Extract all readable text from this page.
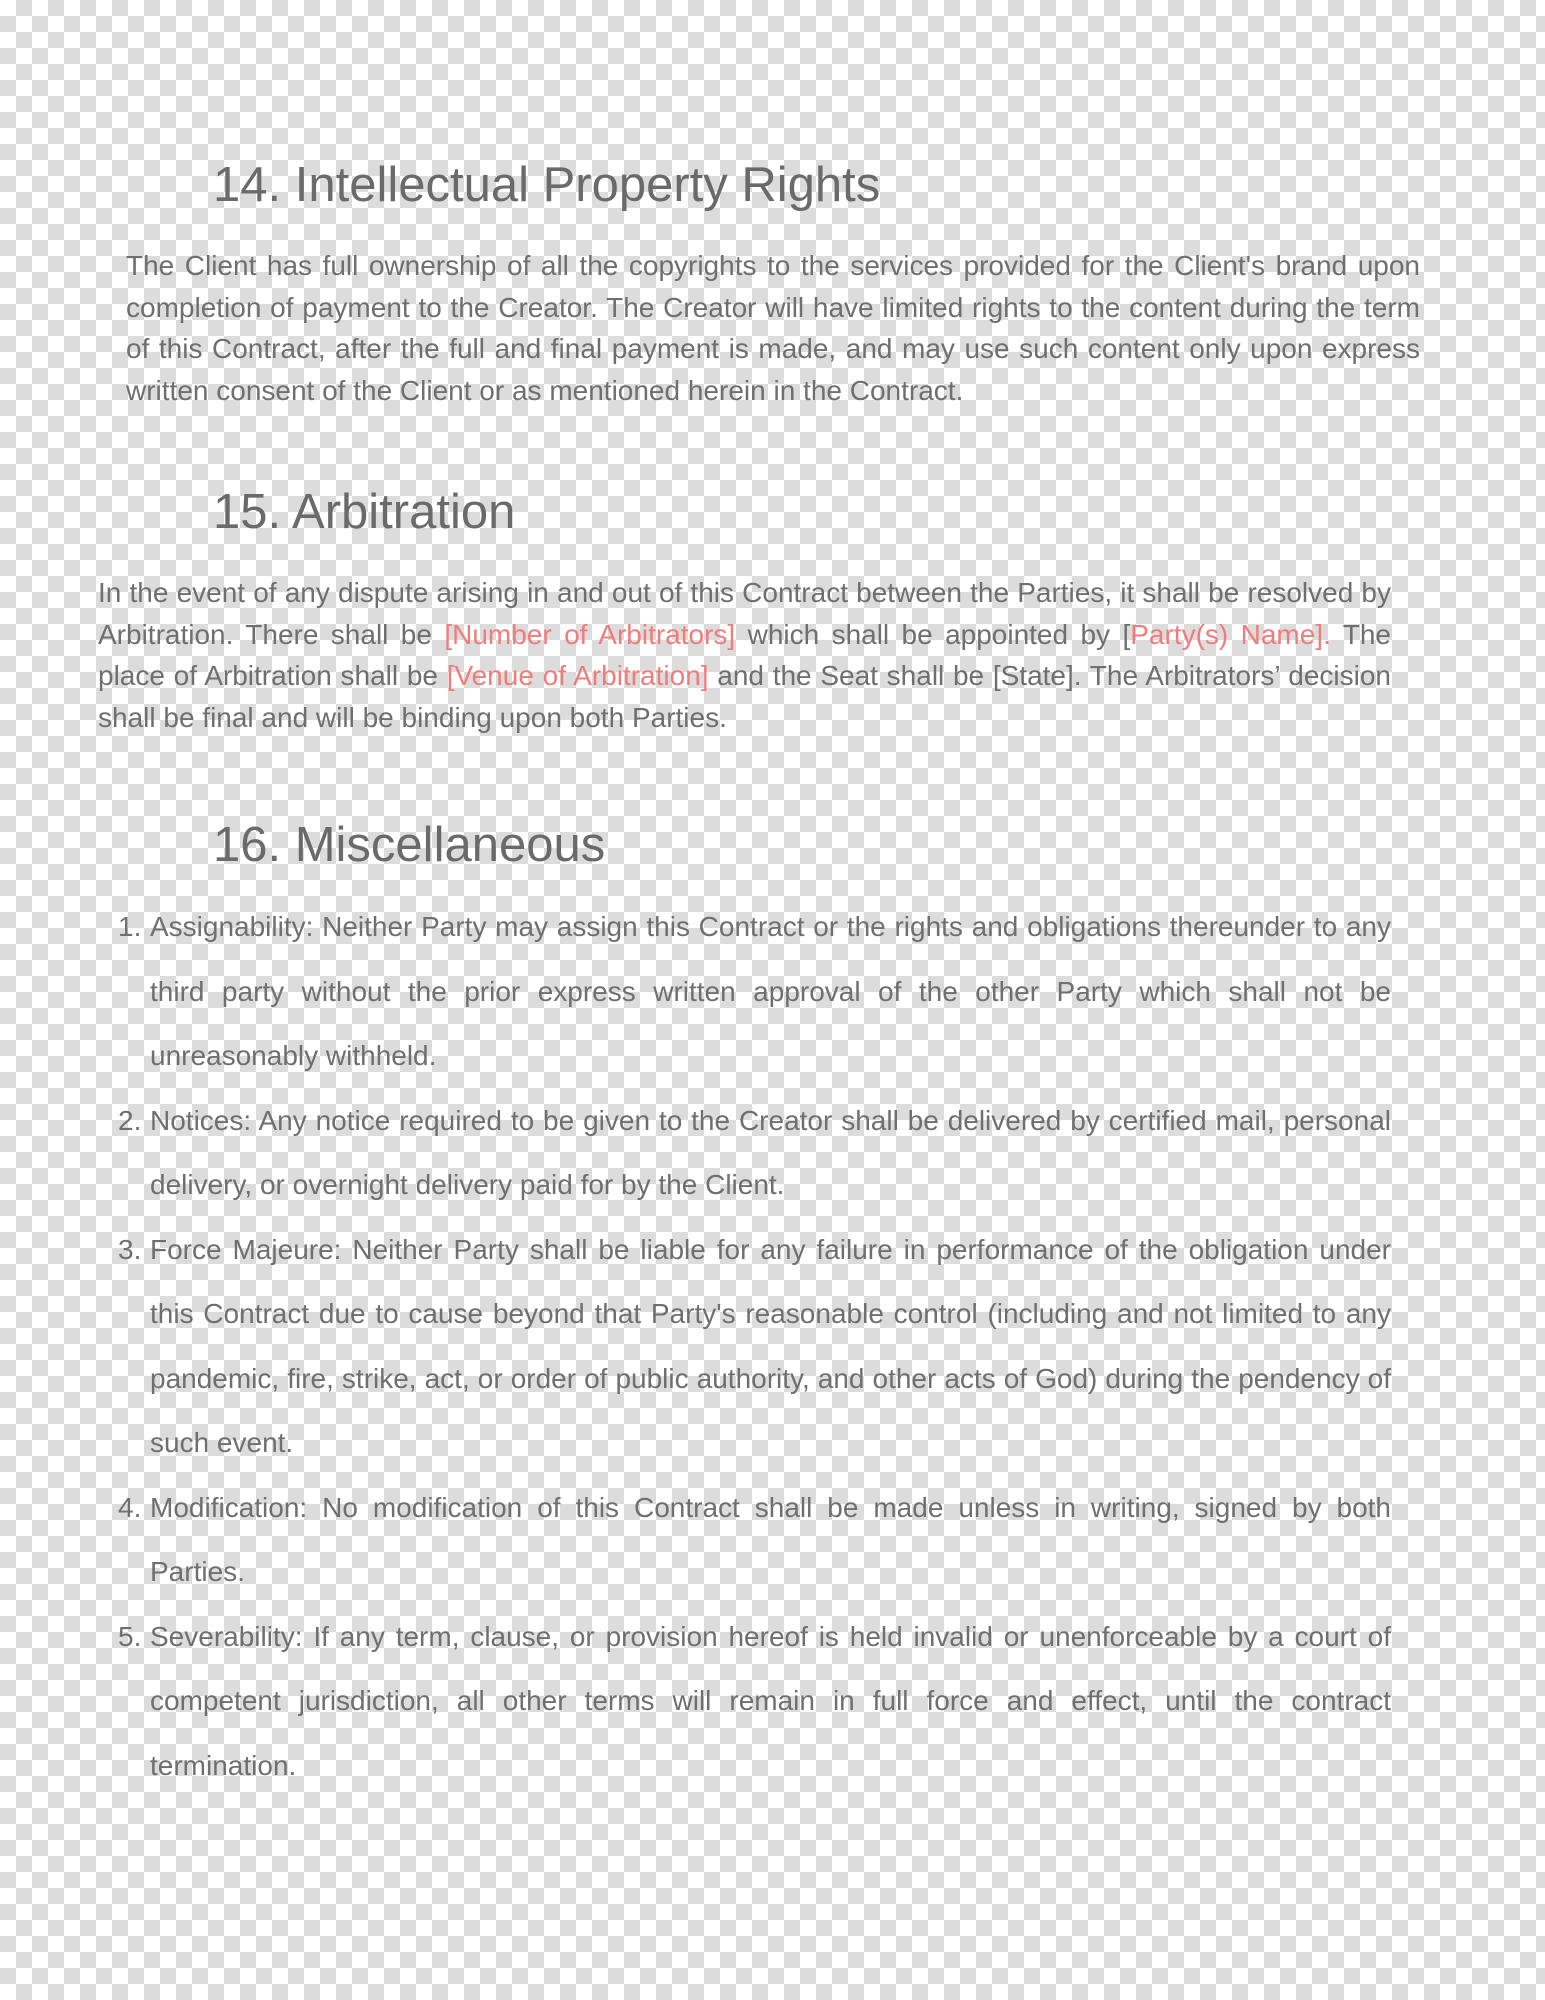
14. Intellectual Property Rights

The Client has full ownership of all the copyrights to the services provided for the Client's brand upon completion of payment to the Creator. The Creator will have limited rights to the content during the term of this Contract, after the full and final payment is made, and may use such content only upon express written consent of the Client or as mentioned herein in the Contract.

15. Arbitration

In the event of any dispute arising in and out of this Contract between the Parties, it shall be resolved by Arbitration. There shall be [Number of Arbitrators] which shall be appointed by [Party(s) Name]. The place of Arbitration shall be [Venue of Arbitration] and the Seat shall be [State]. The Arbitrators’ decision shall be final and will be binding upon both Parties.

16. Miscellaneous
1. Assignability: Neither Party may assign this Contract or the rights and obligations thereunder to any third party without the prior express written approval of the other Party which shall not be unreasonably withheld.
2. Notices: Any notice required to be given to the Creator shall be delivered by certified mail, personal delivery, or overnight delivery paid for by the Client.
3. Force Majeure: Neither Party shall be liable for any failure in performance of the obligation under this Contract due to cause beyond that Party's reasonable control (including and not limited to any pandemic, fire, strike, act, or order of public authority, and other acts of God) during the pendency of such event.
4. Modification: No modification of this Contract shall be made unless in writing, signed by both Parties.
5. Severability: If any term, clause, or provision hereof is held invalid or unenforceable by a court of competent jurisdiction, all other terms will remain in full force and effect, until the contract termination.
